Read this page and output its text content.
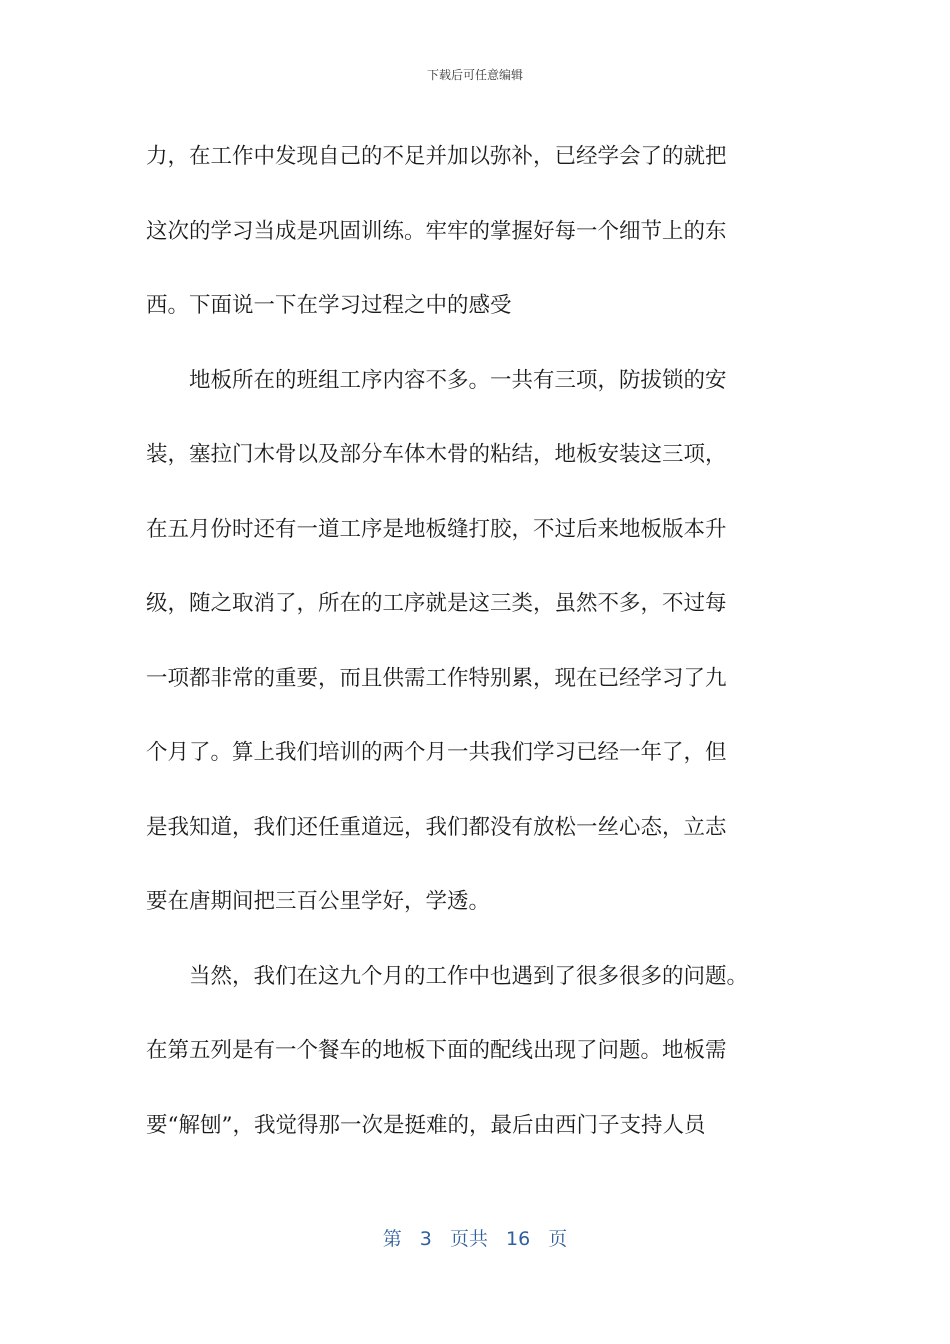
下载后可任意编辑
力，在工作中发现自己的不足并加以弥补，已经学会了的就把
这次的学习当成是巩固训练。牢牢的掌握好每一个细节上的东
西。下面说一下在学习过程之中的感受
　　地板所在的班组工序内容不多。一共有三项，防拔锁的安
装，塞拉门木骨以及部分车体木骨的粘结，地板安装这三项，
在五月份时还有一道工序是地板缝打胶，不过后来地板版本升
级，随之取消了，所在的工序就是这三类，虽然不多，不过每
一项都非常的重要，而且供需工作特别累，现在已经学习了九
个月了。算上我们培训的两个月一共我们学习已经一年了，但
是我知道，我们还任重道远，我们都没有放松一丝心态，立志
要在唐期间把三百公里学好，学透。
　　当然，我们在这九个月的工作中也遇到了很多很多的问题。
在第五列是有一个餐车的地板下面的配线出现了问题。地板需
要“解刨”，我觉得那一次是挺难的，最后由西门子支持人员
第 3 页共 16 页
